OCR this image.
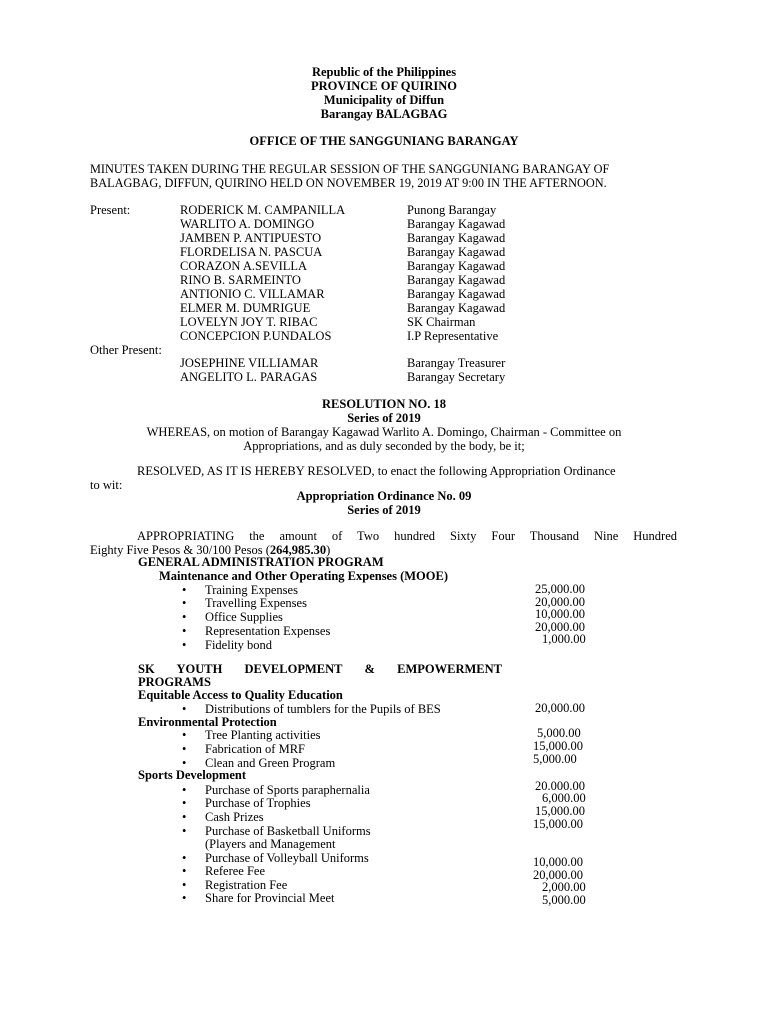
Republic of the Philippines
PROVINCE OF QUIRINO
Municipality of Diffun
Barangay BALAGBAG
OFFICE OF THE SANGGUNIANG BARANGAY
MINUTES TAKEN DURING THE REGULAR SESSION OF THE SANGGUNIANG BARANGAY OF
BALAGBAG, DIFFUN, QUIRINO HELD ON NOVEMBER 19, 2019 AT 9:00 IN THE AFTERNOON.
Present:	RODERICK M. CAMPANILLA	Punong Barangay
WARLITO A. DOMINGO	Barangay Kagawad
JAMBEN P. ANTIPUESTO	Barangay Kagawad
FLORDELISA N. PASCUA	Barangay Kagawad
CORAZON A.SEVILLA	Barangay Kagawad
RINO B. SARMEINTO	Barangay Kagawad
ANTIONIO C. VILLAMAR	Barangay Kagawad
ELMER M. DUMRIGUE	Barangay Kagawad
LOVELYN JOY T. RIBAC	SK Chairman
CONCEPCION P.UNDALOS	I.P Representative
Other Present:
JOSEPHINE VILLIAMAR	Barangay Treasurer
ANGELITO L. PARAGAS	Barangay Secretary
RESOLUTION NO. 18
Series of 2019
WHEREAS, on motion of Barangay Kagawad Warlito A. Domingo, Chairman - Committee on
Appropriations, and as duly seconded by the body, be it;
RESOLVED, AS IT IS HEREBY RESOLVED, to enact the following Appropriation Ordinance
to wit:
Appropriation Ordinance No. 09
Series of 2019
APPROPRIATING the amount of Two hundred Sixty Four Thousand Nine Hundred
Eighty Five Pesos & 30/100 Pesos (264,985.30)
GENERAL ADMINISTRATION PROGRAM
Maintenance and Other Operating Expenses (MOOE)
• Training Expenses	25,000.00
• Travelling Expenses	20,000.00
• Office Supplies	10,000.00
• Representation Expenses	20,000.00
• Fidelity bond	1,000.00
SK   YOUTH   DEVELOPMENT   &   EMPOWERMENT
PROGRAMS
Equitable Access to Quality Education
• Distributions of tumblers for the Pupils of BES	20,000.00
Environmental Protection
• Tree Planting activities	5,000.00
• Fabrication of MRF	15,000.00
• Clean and Green Program	5,000.00
Sports Development
• Purchase of Sports paraphernalia	20.000.00
• Purchase of Trophies	6,000.00
• Cash Prizes	15,000.00
• Purchase of Basketball Uniforms	15,000.00
(Players and Management
• Purchase of Volleyball Uniforms	10,000.00
• Referee Fee	20,000.00
• Registration Fee	2,000.00
• Share for Provincial Meet	5,000.00
